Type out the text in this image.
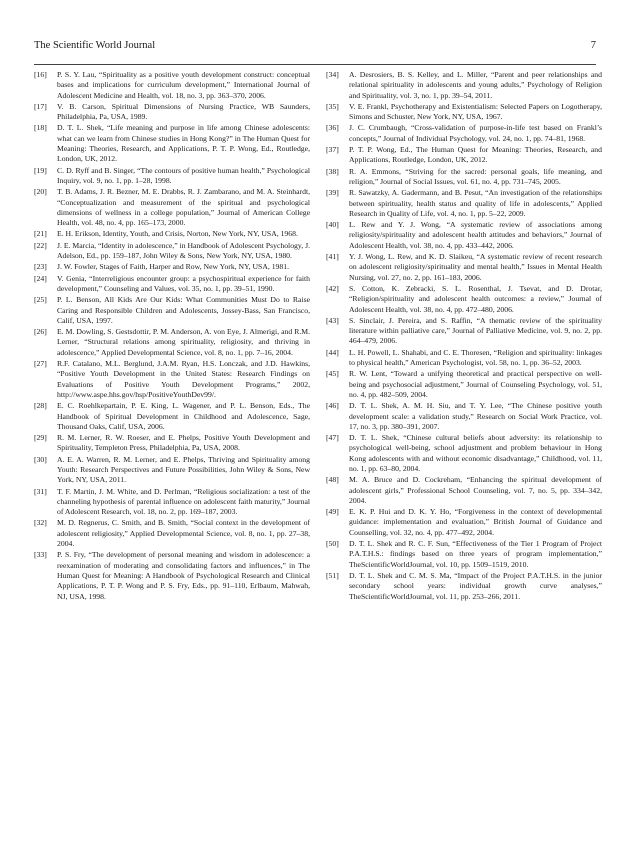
The Scientific World Journal	7
[16]	P. S. Y. Lau, “Spirituality as a positive youth development construct: conceptual bases and implications for curriculum development,” International Journal of Adolescent Medicine and Health, vol. 18, no. 3, pp. 363–370, 2006.
[17]	V. B. Carson, Spiritual Dimensions of Nursing Practice, WB Saunders, Philadelphia, Pa, USA, 1989.
[18]	D. T. L. Shek, “Life meaning and purpose in life among Chinese adolescents: what can we learn from Chinese studies in Hong Kong?” in The Human Quest for Meaning: Theories, Research, and Applications, P. T. P. Wong, Ed., Routledge, London, UK, 2012.
[19]	C. D. Ryff and B. Singer, “The contours of positive human health,” Psychological Inquiry, vol. 9, no. 1, pp. 1–28, 1998.
[20]	T. B. Adams, J. R. Bezner, M. E. Drabbs, R. J. Zambarano, and M. A. Steinhardt, “Conceptualization and measurement of the spiritual and psychological dimensions of wellness in a college population,” Journal of American College Health, vol. 48, no. 4, pp. 165–173, 2000.
[21]	E. H. Erikson, Identity, Youth, and Crisis, Norton, New York, NY, USA, 1968.
[22]	J. E. Marcia, “Identity in adolescence,” in Handbook of Adolescent Psychology, J. Adelson, Ed., pp. 159–187, John Wiley & Sons, New York, NY, USA, 1980.
[23]	J. W. Fowler, Stages of Faith, Harper and Row, New York, NY, USA, 1981.
[24]	V. Genia, “Interreligious encounter group: a psychospiritual experience for faith development,” Counseling and Values, vol. 35, no. 1, pp. 39–51, 1990.
[25]	P. L. Benson, All Kids Are Our Kids: What Communities Must Do to Raise Caring and Responsible Children and Adolescents, Jossey-Bass, San Francisco, Calif, USA, 1997.
[26]	E. M. Dowling, S. Gestsdottir, P. M. Anderson, A. von Eye, J. Almerigi, and R.M. Lerner, “Structural relations among spirituality, religiosity, and thriving in adolescence,” Applied Developmental Science, vol. 8, no. 1, pp. 7–16, 2004.
[27]	R.F. Catalano, M.L. Berglund, J.A.M. Ryan, H.S. Lonczak, and J.D. Hawkins, “Positive Youth Development in the United States: Research Findings on Evaluations of Positive Youth Development Programs,” 2002, http://www.aspe.hhs.gov/hsp/PositiveYouthDev99/.
[28]	E. C. Roehlkepartain, P. E. King, L. Wagener, and P. L. Benson, Eds., The Handbook of Spiritual Development in Childhood and Adolescence, Sage, Thousand Oaks, Calif, USA, 2006.
[29]	R. M. Lerner, R. W. Roeser, and E. Phelps, Positive Youth Development and Spirituality, Templeton Press, Philadelphia, Pa, USA, 2008.
[30]	A. E. A. Warren, R. M. Lerner, and E. Phelps, Thriving and Spirituality among Youth: Research Perspectives and Future Possibilities, John Wiley & Sons, New York, NY, USA, 2011.
[31]	T. F. Martin, J. M. White, and D. Perlman, “Religious socialization: a test of the channeling hypothesis of parental influence on adolescent faith maturity,” Journal of Adolescent Research, vol. 18, no. 2, pp. 169–187, 2003.
[32]	M. D. Regnerus, C. Smith, and B. Smith, “Social context in the development of adolescent religiosity,” Applied Developmental Science, vol. 8, no. 1, pp. 27–38, 2004.
[33]	P. S. Fry, “The development of personal meaning and wisdom in adolescence: a reexamination of moderating and consolidating factors and influences,” in The Human Quest for Meaning: A Handbook of Psychological Research and Clinical Applications, P. T. P. Wong and P. S. Fry, Eds., pp. 91–110, Erlbaum, Mahwah, NJ, USA, 1998.
[34]	A. Desrosiers, B. S. Kelley, and L. Miller, “Parent and peer relationships and relational spirituality in adolescents and young adults,” Psychology of Religion and Spirituality, vol. 3, no. 1, pp. 39–54, 2011.
[35]	V. E. Frankl, Psychotherapy and Existentialism: Selected Papers on Logotherapy, Simons and Schuster, New York, NY, USA, 1967.
[36]	J. C. Crumbaugh, “Cross-validation of purpose-in-life test based on Frankl’s concepts,” Journal of Individual Psychology, vol. 24, no. 1, pp. 74–81, 1968.
[37]	P. T. P. Wong, Ed., The Human Quest for Meaning: Theories, Research, and Applications, Routledge, London, UK, 2012.
[38]	R. A. Emmons, “Striving for the sacred: personal goals, life meaning, and religion,” Journal of Social Issues, vol. 61, no. 4, pp. 731–745, 2005.
[39]	R. Sawatzky, A. Gadermann, and B. Pesut, “An investigation of the relationships between spirituality, health status and quality of life in adolescents,” Applied Research in Quality of Life, vol. 4, no. 1, pp. 5–22, 2009.
[40]	L. Rew and Y. J. Wong, “A systematic review of associations among religiosity/spirituality and adolescent health attitudes and behaviors,” Journal of Adolescent Health, vol. 38, no. 4, pp. 433–442, 2006.
[41]	Y. J. Wong, L. Rew, and K. D. Slaikeu, “A systematic review of recent research on adolescent religiosity/spirituality and mental health,” Issues in Mental Health Nursing, vol. 27, no. 2, pp. 161–183, 2006.
[42]	S. Cotton, K. Zebracki, S. L. Rosenthal, J. Tsevat, and D. Drotar, “Religion/spirituality and adolescent health outcomes: a review,” Journal of Adolescent Health, vol. 38, no. 4, pp. 472–480, 2006.
[43]	S. Sinclair, J. Pereira, and S. Raffin, “A thematic review of the spirituality literature within palliative care,” Journal of Palliative Medicine, vol. 9, no. 2, pp. 464–479, 2006.
[44]	L. H. Powell, L. Shahabi, and C. E. Thoresen, “Religion and spirituality: linkages to physical health,” American Psychologist, vol. 58, no. 1, pp. 36–52, 2003.
[45]	R. W. Lent, “Toward a unifying theoretical and practical perspective on well-being and psychosocial adjustment,” Journal of Counseling Psychology, vol. 51, no. 4, pp. 482–509, 2004.
[46]	D. T. L. Shek, A. M. H. Siu, and T. Y. Lee, “The Chinese positive youth development scale: a validation study,” Research on Social Work Practice, vol. 17, no. 3, pp. 380–391, 2007.
[47]	D. T. L. Shek, “Chinese cultural beliefs about adversity: its relationship to psychological well-being, school adjustment and problem behaviour in Hong Kong adolescents with and without economic disadvantage,” Childhood, vol. 11, no. 1, pp. 63–80, 2004.
[48]	M. A. Bruce and D. Cockreham, “Enhancing the spiritual development of adolescent girls,” Professional School Counseling, vol. 7, no. 5, pp. 334–342, 2004.
[49]	E. K. P. Hui and D. K. Y. Ho, “Forgiveness in the context of developmental guidance: implementation and evaluation,” British Journal of Guidance and Counselling, vol. 32, no. 4, pp. 477–492, 2004.
[50]	D. T. L. Shek and R. C. F. Sun, “Effectiveness of the Tier 1 Program of Project P.A.T.H.S.: findings based on three years of program implementation,” TheScientificWorldJournal, vol. 10, pp. 1509–1519, 2010.
[51]	D. T. L. Shek and C. M. S. Ma, “Impact of the Project P.A.T.H.S. in the junior secondary school years: individual growth curve analyses,” TheScientificWorldJournal, vol. 11, pp. 253–266, 2011.
